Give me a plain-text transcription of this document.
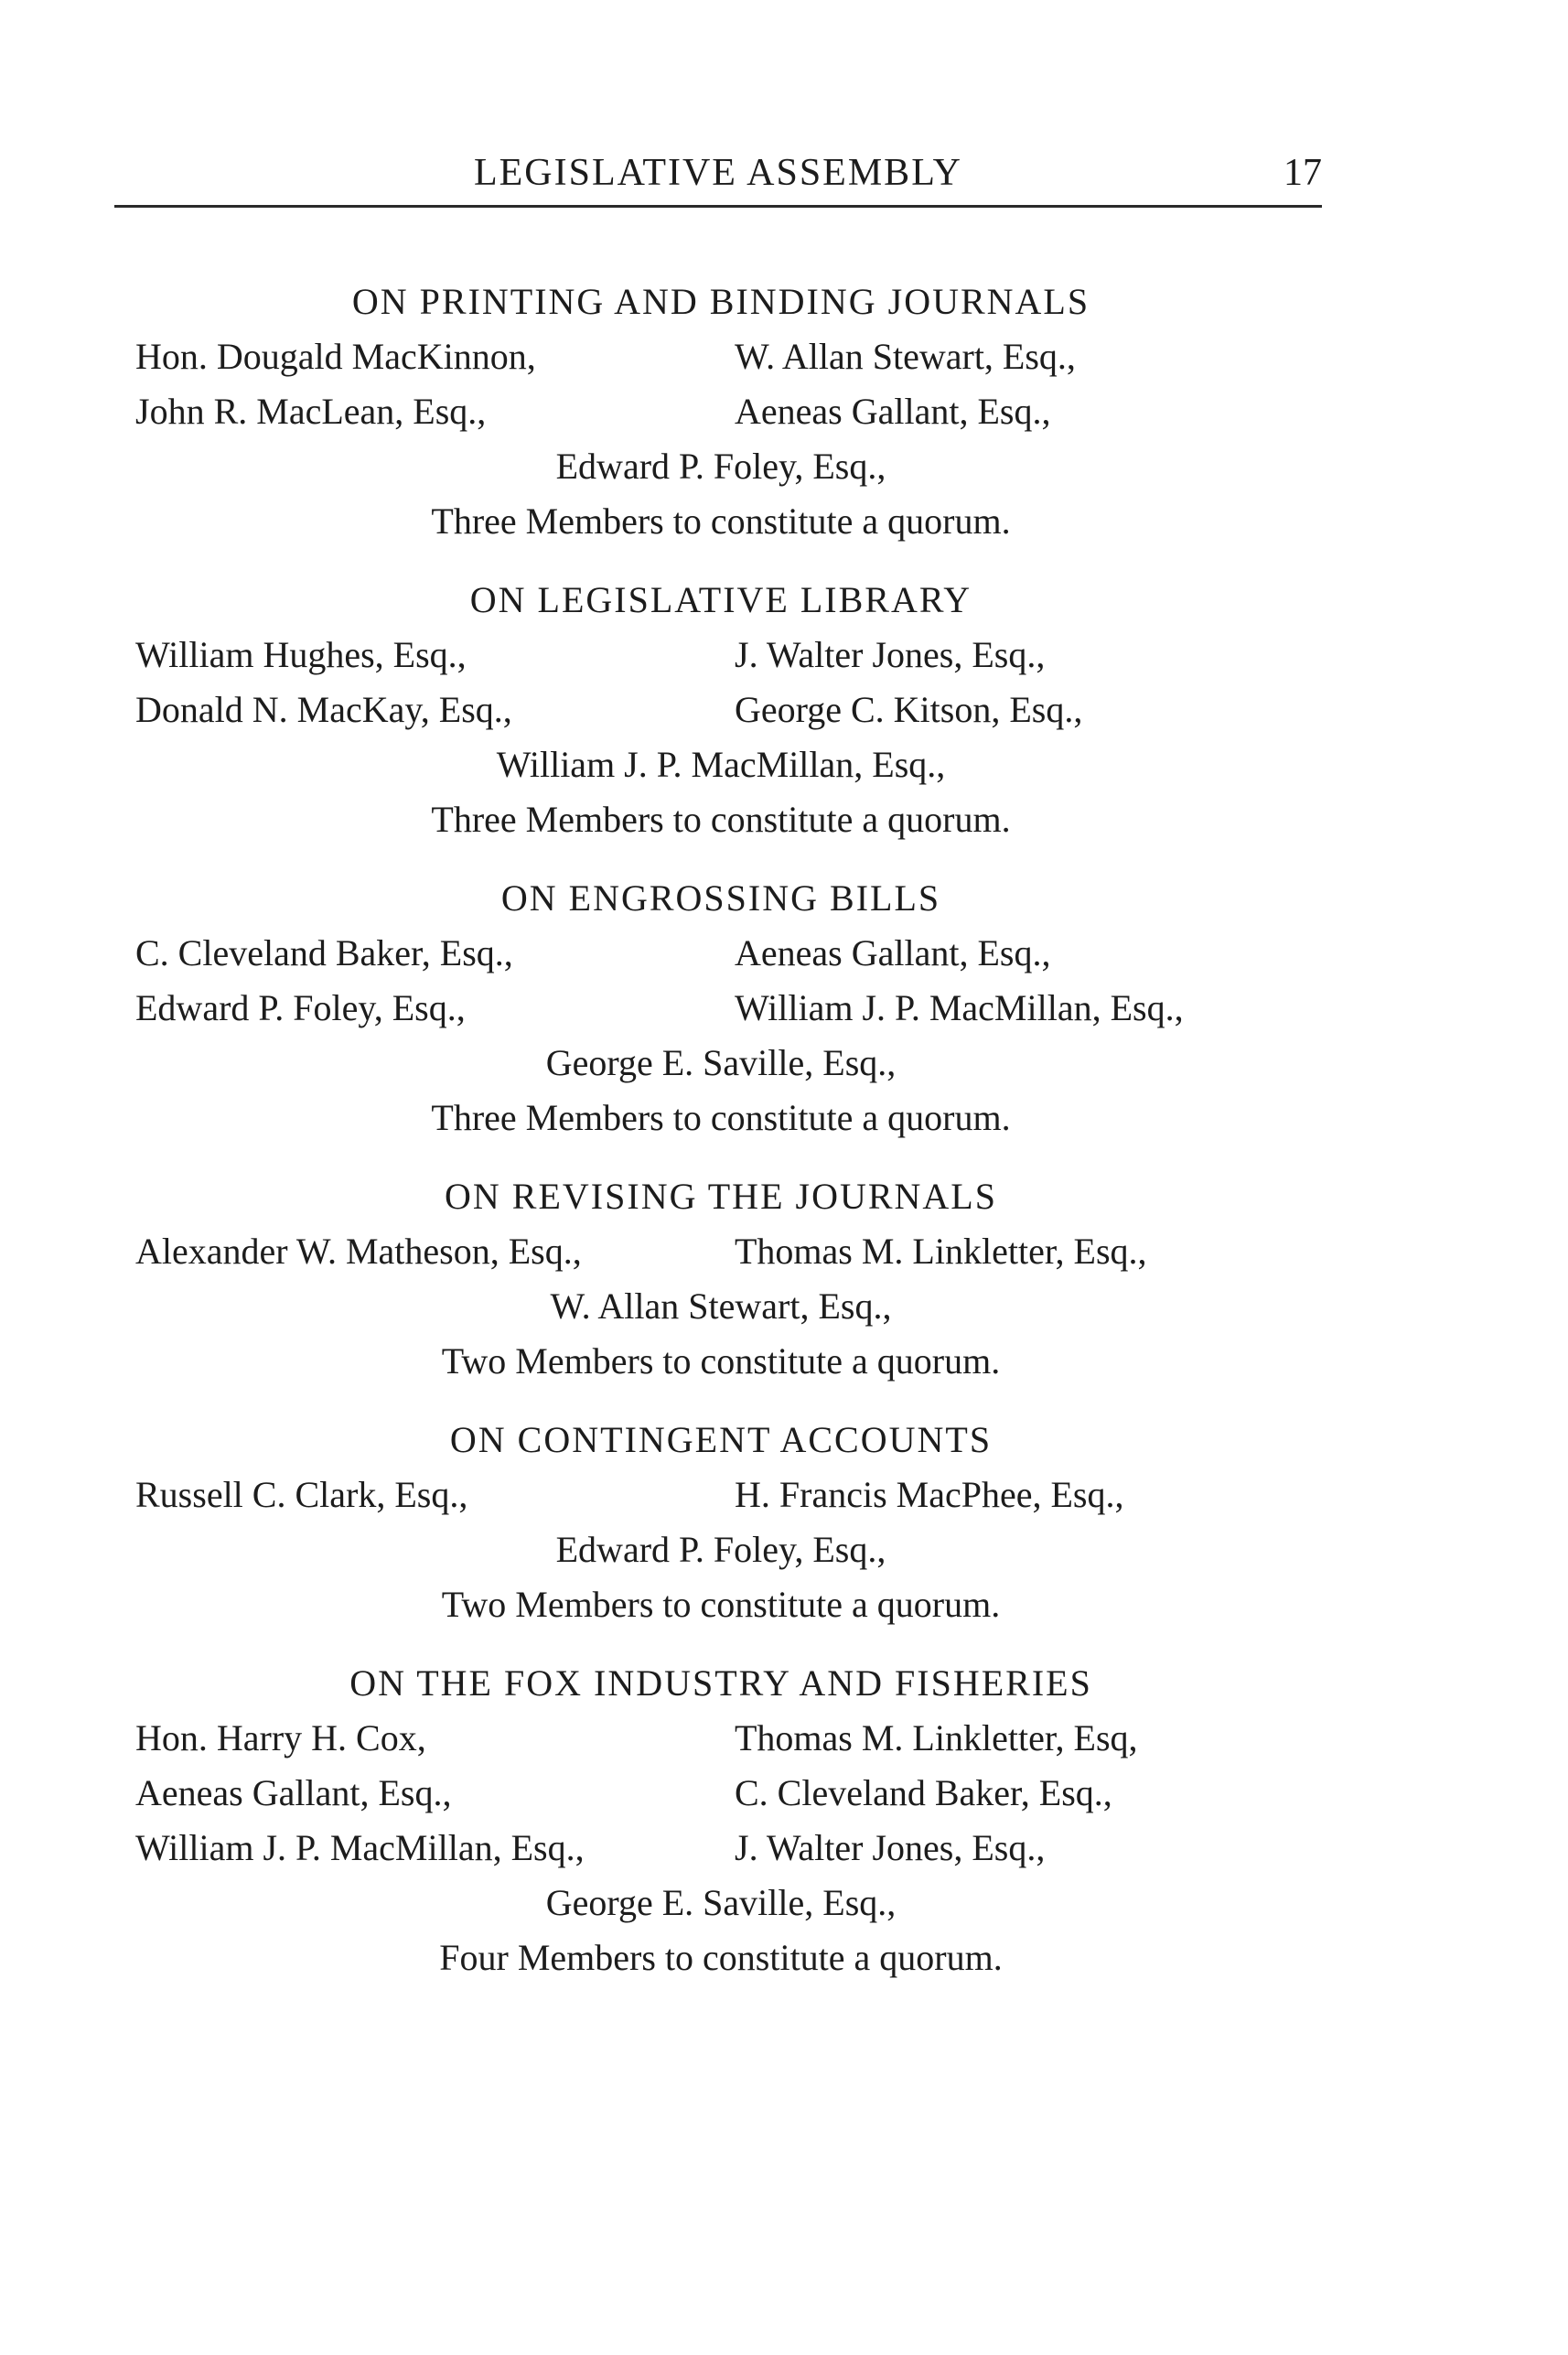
LEGISLATIVE ASSEMBLY	17
ON PRINTING AND BINDING JOURNALS
Hon. Dougald MacKinnon,	W. Allan Stewart, Esq.,
John R. MacLean, Esq.,	Aeneas Gallant, Esq.,
Edward P. Foley, Esq.,
Three Members to constitute a quorum.
ON LEGISLATIVE LIBRARY
William Hughes, Esq.,	J. Walter Jones, Esq.,
Donald N. MacKay, Esq.,	George C. Kitson, Esq.,
William J. P. MacMillan, Esq.,
Three Members to constitute a quorum.
ON ENGROSSING BILLS
C. Cleveland Baker, Esq.,	Aeneas Gallant, Esq.,
Edward P. Foley, Esq.,	William J. P. MacMillan, Esq.,
George E. Saville, Esq.,
Three Members to constitute a quorum.
ON REVISING THE JOURNALS
Alexander W. Matheson, Esq.,	Thomas M. Linkletter, Esq.,
W. Allan Stewart, Esq.,
Two Members to constitute a quorum.
ON CONTINGENT ACCOUNTS
Russell C. Clark, Esq.,	H. Francis MacPhee, Esq.,
Edward P. Foley, Esq.,
Two Members to constitute a quorum.
ON THE FOX INDUSTRY AND FISHERIES
Hon. Harry H. Cox,	Thomas M. Linkletter, Esq,
Aeneas Gallant, Esq.,	C. Cleveland Baker, Esq.,
William J. P. MacMillan, Esq.,	J. Walter Jones, Esq.,
George E. Saville, Esq.,
Four Members to constitute a quorum.
